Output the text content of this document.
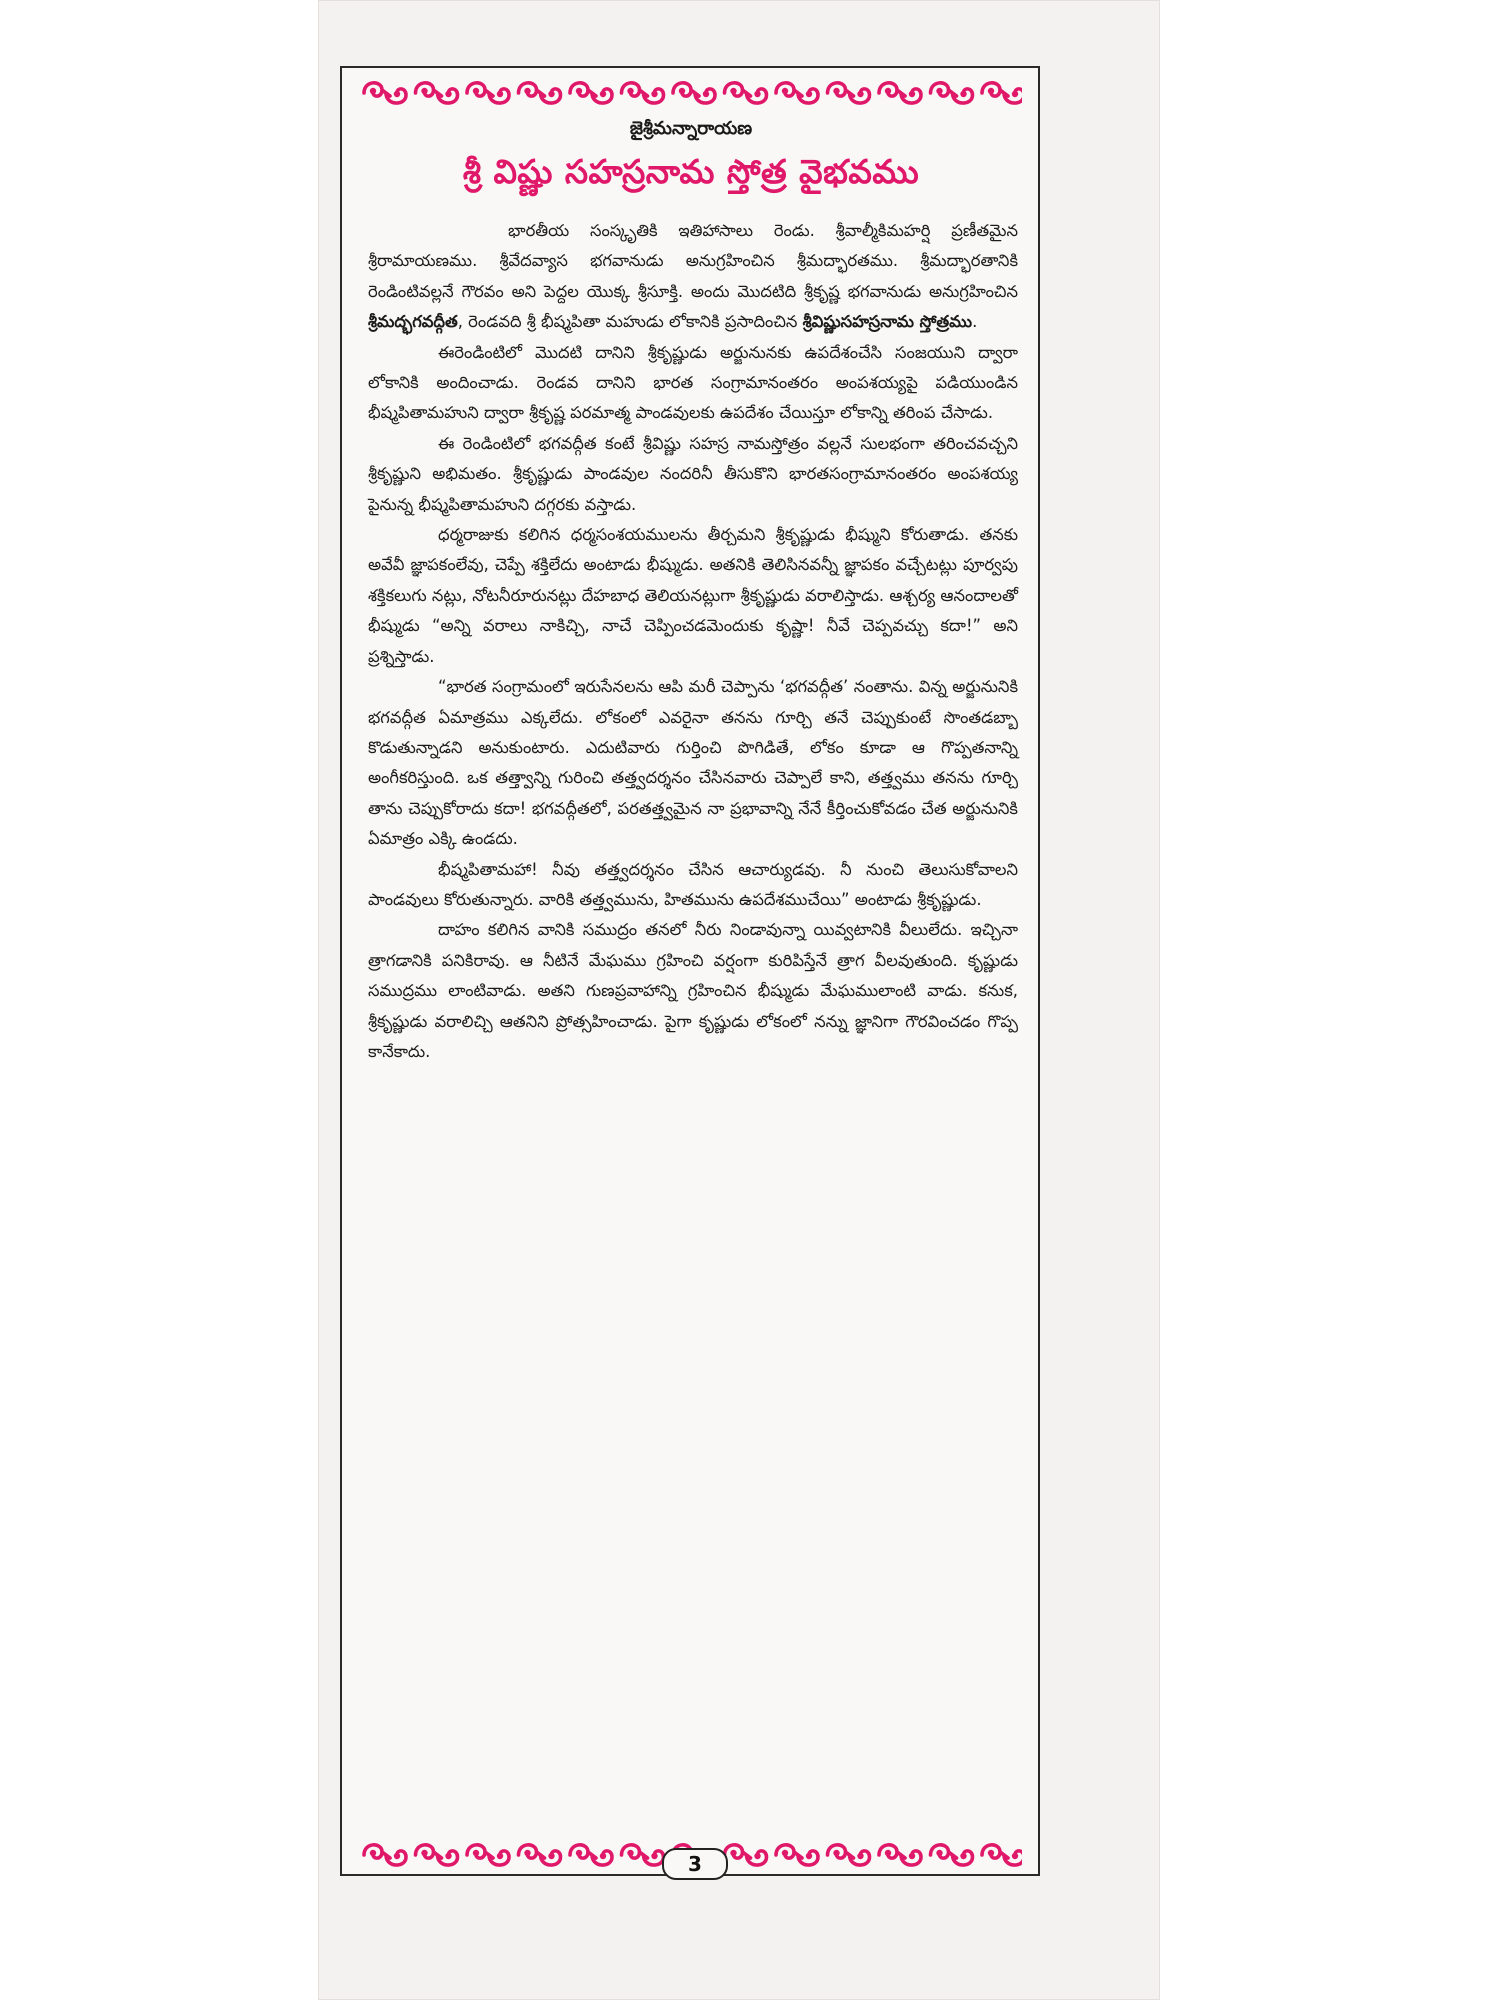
జైశ్రీమన్నారాయణ
శ్రీ విష్ణు సహస్రనామ స్తోత్ర వైభవము

భారతీయ సంస్కృతికి ఇతిహాసాలు రెండు. శ్రీవాల్మీకిమహర్షి ప్రణీతమైన శ్రీరామాయణము. శ్రీవేదవ్యాస భగవానుడు అనుగ్రహించిన శ్రీమద్భారతము. శ్రీమద్భారతానికి రెండింటివల్లనే గౌరవం అని పెద్దల యొక్క శ్రీసూక్తి. అందు మొదటిది శ్రీకృష్ణ భగవానుడు అనుగ్రహించిన శ్రీమద్భగవద్గీత, రెండవది శ్రీ భీష్మపితా మహుడు లోకానికి ప్రసాదించిన శ్రీవిష్ణుసహస్రనామ స్తోత్రము.

ఈరెండింటిలో మొదటి దానిని శ్రీకృష్ణుడు అర్జునునకు ఉపదేశంచేసి సంజయుని ద్వారా లోకానికి అందించాడు. రెండవ దానిని భారత సంగ్రామానంతరం అంపశయ్యపై పడియుండిన భీష్మపితామహుని ద్వారా శ్రీకృష్ణ పరమాత్మ పాండవులకు ఉపదేశం చేయిస్తూ లోకాన్ని తరింప చేసాడు.

ఈ రెండింటిలో భగవద్గీత కంటే శ్రీవిష్ణు సహస్ర నామస్తోత్రం వల్లనే సులభంగా తరించవచ్చని శ్రీకృష్ణుని అభిమతం. శ్రీకృష్ణుడు పాండవుల నందరినీ తీసుకొని భారతసంగ్రామానంతరం అంపశయ్య పైనున్న భీష్మపితామహుని దగ్గరకు వస్తాడు.

ధర్మరాజుకు కలిగిన ధర్మసంశయములను తీర్చమని శ్రీకృష్ణుడు భీష్ముని కోరుతాడు. తనకు అవేవీ జ్ఞాపకంలేవు, చెప్పే శక్తిలేదు అంటాడు భీష్ముడు. అతనికి తెలిసినవన్నీ జ్ఞాపకం వచ్చేటట్లు పూర్వపు శక్తికలుగు నట్లు, నోటనీరూరునట్లు దేహబాధ తెలియనట్లుగా శ్రీకృష్ణుడు వరాలిస్తాడు. ఆశ్చర్య ఆనందాలతో భీష్ముడు “అన్ని వరాలు నాకిచ్చి, నాచే చెప్పించడమెందుకు కృష్ణా! నీవే చెప్పవచ్చు కదా!” అని ప్రశ్నిస్తాడు.

“భారత సంగ్రామంలో ఇరుసేనలను ఆపి మరీ చెప్పాను ‘భగవద్గీత’ నంతాను. విన్న అర్జునునికి భగవద్గీత ఏమాత్రము ఎక్కలేదు. లోకంలో ఎవరైనా తనను గూర్చి తనే చెప్పుకుంటే సొంతడబ్బా కొడుతున్నాడని అనుకుంటారు. ఎదుటివారు గుర్తించి పొగిడితే, లోకం కూడా ఆ గొప్పతనాన్ని అంగీకరిస్తుంది. ఒక తత్త్వాన్ని గురించి తత్త్వదర్శనం చేసినవారు చెప్పాలే కాని, తత్త్వము తనను గూర్చి తాను చెప్పుకోరాదు కదా! భగవద్గీతలో, పరతత్త్వమైన నా ప్రభావాన్ని నేనే కీర్తించుకోవడం చేత అర్జునునికి ఏమాత్రం ఎక్కి ఉండదు.

భీష్మపితామహా! నీవు తత్త్వదర్శనం చేసిన ఆచార్యుడవు. నీ నుంచి తెలుసుకోవాలని పాండవులు కోరుతున్నారు. వారికి తత్త్వమును, హితమును ఉపదేశముచేయి” అంటాడు శ్రీకృష్ణుడు.

దాహం కలిగిన వానికి సముద్రం తనలో నీరు నిండావున్నా యివ్వటానికి వీలులేదు. ఇచ్చినా త్రాగడానికి పనికిరావు. ఆ నీటినే మేఘము గ్రహించి వర్షంగా కురిపిస్తేనే త్రాగ వీలవుతుంది. కృష్ణుడు సముద్రము లాంటివాడు. అతని గుణప్రవాహాన్ని గ్రహించిన భీష్ముడు మేఘములాంటి వాడు. కనుక, శ్రీకృష్ణుడు వరాలిచ్చి ఆతనిని ప్రోత్సహించాడు. పైగా కృష్ణుడు లోకంలో నన్ను జ్ఞానిగా గౌరవించడం గొప్ప కానేకాదు.

3
